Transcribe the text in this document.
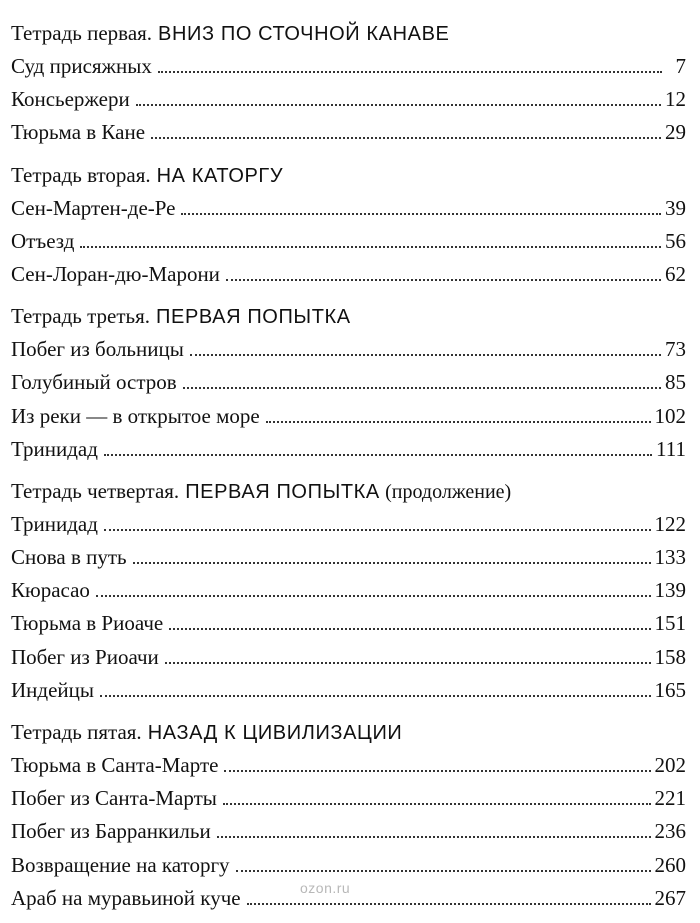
Тетрадь первая. ВНИЗ ПО СТОЧНОЙ КАНАВЕ
Суд присяжных	7
Консьержери	12
Тюрьма в Кане	29
Тетрадь вторая. НА КАТОРГУ
Сен-Мартен-де-Ре	39
Отъезд	56
Сен-Лоран-дю-Марони	62
Тетрадь третья. ПЕРВАЯ ПОПЫТКА
Побег из больницы	73
Голубиный остров	85
Из реки — в открытое море	102
Тринидад	111
Тетрадь четвертая. ПЕРВАЯ ПОПЫТКА (продолжение)
Тринидад	122
Снова в путь	133
Кюрасао	139
Тюрьма в Риоаче	151
Побег из Риоачи	158
Индейцы	165
Тетрадь пятая. НАЗАД К ЦИВИЛИЗАЦИИ
Тюрьма в Санта-Марте	202
Побег из Санта-Марты	221
Побег из Барранкильи	236
Возвращение на каторгу	260
Араб на муравьиной куче	267
ozon.ru
